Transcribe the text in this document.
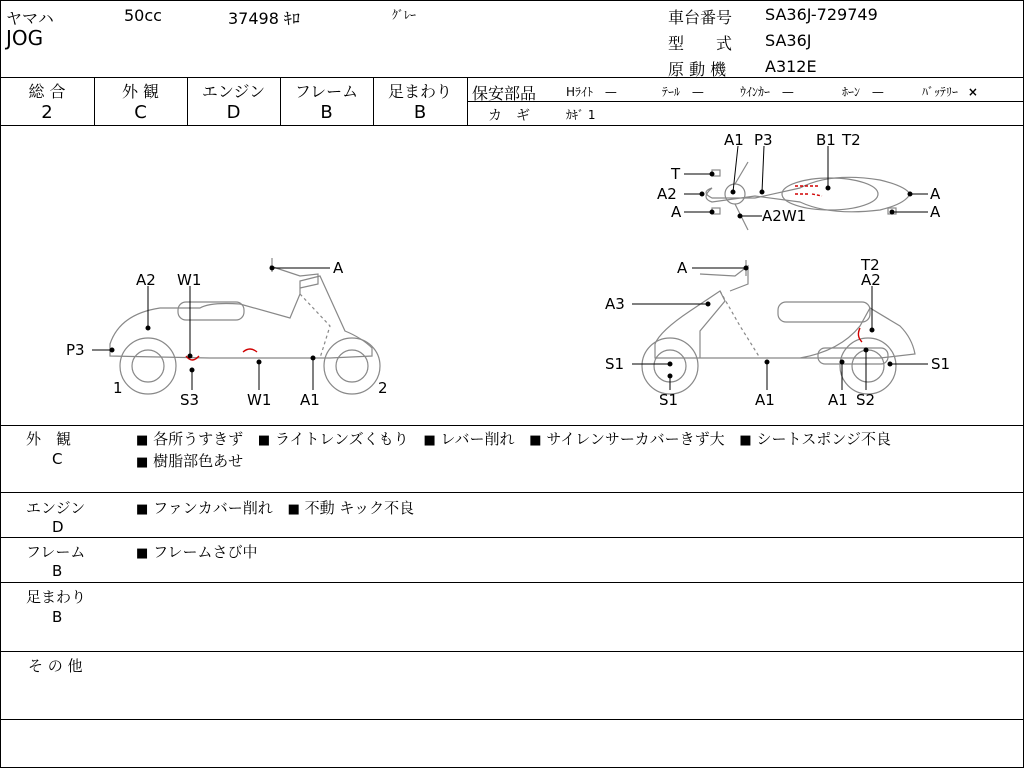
ヤマハ	50cc	37498 ｷﾛ	ｸﾞﾚｰ
JOG
車台番号 SA36J-729749
型　　式 SA36J
原 動 機 A312E
総 合	外 観	エンジン	フレーム	足まわり
2	C	D	B	B
保安部品 Hﾗｲﾄ —	ﾃｰﾙ —	ｳｲﾝｶｰ —	ﾎｰﾝ —	ﾊﾞｯﾃﾘｰ ×
カ　ギ	ｶｷﾞ 1
A1 P3	B1 T2
T
A2
A
A
A
A2W1
A
A2 W1
P3
1
S3	W1 A1
2
A	T2
A2
A3
S1	S1
S1	A1	A1 S2
外　観
C
■ 各所うすきず ■ ライトレンズくもり ■ レバー削れ ■ サイレンサーカバーきず大 ■ シートスポンジ不良
■ 樹脂部色あせ
エンジン
D
■ ファンカバー削れ ■ 不動 キック不良
フレーム
B
■ フレームさび中
足まわり
B
そ の 他
